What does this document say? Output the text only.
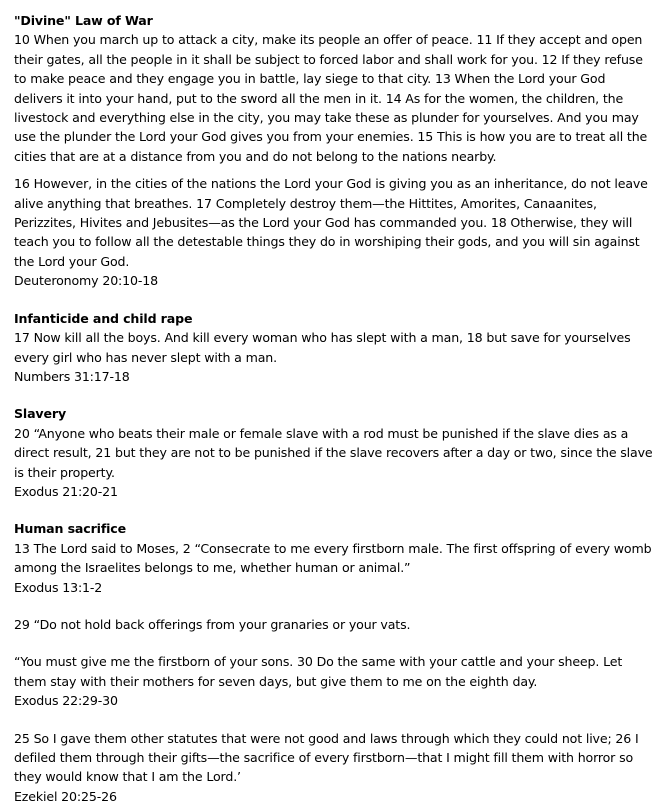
"Divine" Law of War

10 When you march up to attack a city, make its people an offer of peace. 11 If they accept and open their gates, all the people in it shall be subject to forced labor and shall work for you. 12 If they refuse to make peace and they engage you in battle, lay siege to that city. 13 When the Lord your God delivers it into your hand, put to the sword all the men in it. 14 As for the women, the children, the livestock and everything else in the city, you may take these as plunder for yourselves. And you may use the plunder the Lord your God gives you from your enemies. 15 This is how you are to treat all the cities that are at a distance from you and do not belong to the nations nearby.

16 However, in the cities of the nations the Lord your God is giving you as an inheritance, do not leave alive anything that breathes. 17 Completely destroy them—the Hittites, Amorites, Canaanites, Perizzites, Hivites and Jebusites—as the Lord your God has commanded you. 18 Otherwise, they will teach you to follow all the detestable things they do in worshiping their gods, and you will sin against the Lord your God.

Deuteronomy 20:10-18

Infanticide and child rape

17 Now kill all the boys. And kill every woman who has slept with a man, 18 but save for yourselves every girl who has never slept with a man.

Numbers 31:17-18

Slavery

20 “Anyone who beats their male or female slave with a rod must be punished if the slave dies as a direct result, 21 but they are not to be punished if the slave recovers after a day or two, since the slave is their property.

Exodus 21:20-21

Human sacrifice

13 The Lord said to Moses, 2 “Consecrate to me every firstborn male. The first offspring of every womb among the Israelites belongs to me, whether human or animal.”

Exodus 13:1-2

29 “Do not hold back offerings from your granaries or your vats.

“You must give me the firstborn of your sons. 30 Do the same with your cattle and your sheep. Let them stay with their mothers for seven days, but give them to me on the eighth day.

Exodus 22:29-30

25 So I gave them other statutes that were not good and laws through which they could not live; 26 I defiled them through their gifts—the sacrifice of every firstborn—that I might fill them with horror so they would know that I am the Lord.’

Ezekiel 20:25-26
